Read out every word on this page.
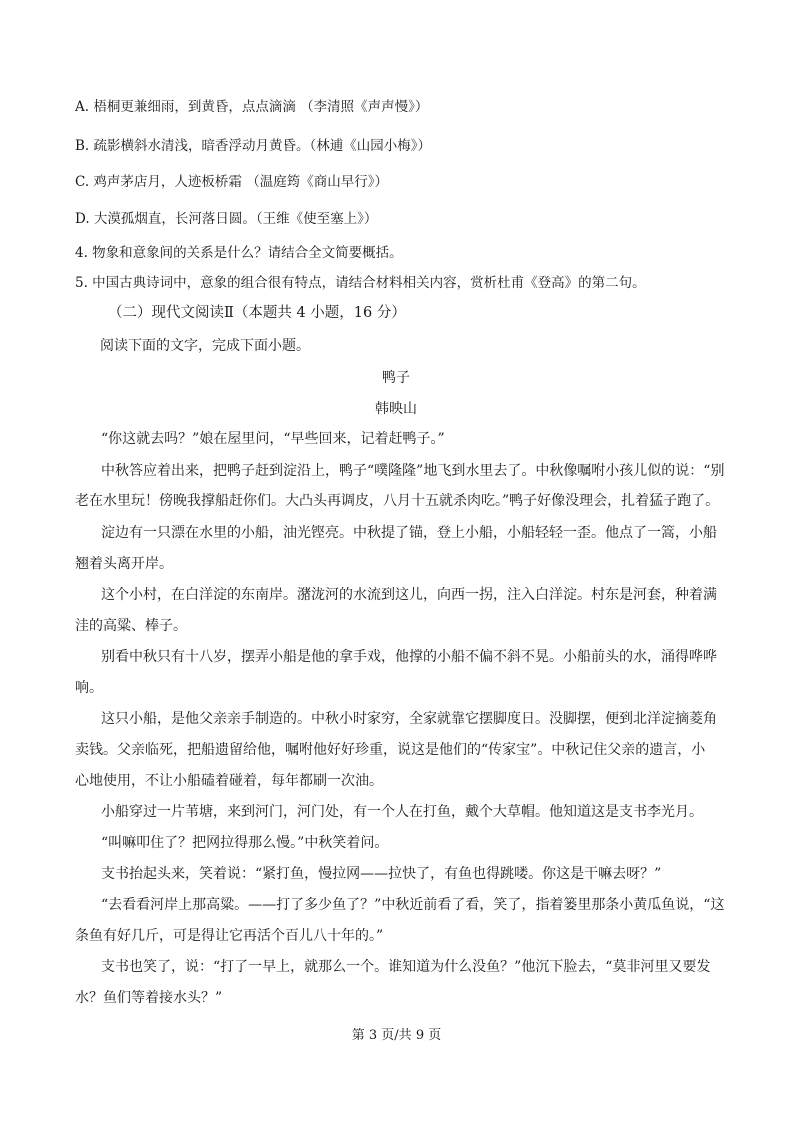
A. 梧桐更兼细雨，到黄昏，点点滴滴 （李清照《声声慢》）
B. 疏影横斜水清浅，暗香浮动月黄昏。（林逋《山园小梅》）
C. 鸡声茅店月，人迹板桥霜 （温庭筠《商山早行》）
D. 大漠孤烟直，长河落日圆。（王维《使至塞上》）
4. 物象和意象间的关系是什么？请结合全文简要概括。
5. 中国古典诗词中，意象的组合很有特点，请结合材料相关内容，赏析杜甫《登高》的第二句。
（二）现代文阅读Ⅱ（本题共 4 小题，16 分）
阅读下面的文字，完成下面小题。
鸭子
韩映山
“你这就去吗？”娘在屋里问，“早些回来，记着赶鸭子。”
中秋答应着出来，把鸭子赶到淀沿上，鸭子“噗隆隆”地飞到水里去了。中秋像嘱咐小孩儿似的说：“别
老在水里玩！傍晚我撑船赶你们。大凸头再调皮，八月十五就杀肉吃。”鸭子好像没理会，扎着猛子跑了。
淀边有一只漂在水里的小船，油光铿亮。中秋提了锚，登上小船，小船轻轻一歪。他点了一篙，小船
翘着头离开岸。
这个小村，在白洋淀的东南岸。潴泷河的水流到这儿，向西一拐，注入白洋淀。村东是河套，种着满
洼的高粱、棒子。
别看中秋只有十八岁，摆弄小船是他的拿手戏，他撑的小船不偏不斜不晃。小船前头的水，涌得哗哗
响。
这只小船，是他父亲亲手制造的。中秋小时家穷，全家就靠它摆脚度日。没脚摆，便到北洋淀摘菱角
卖钱。父亲临死，把船遗留给他，嘱咐他好好珍重，说这是他们的“传家宝”。中秋记住父亲的遗言，小
心地使用，不让小船磕着碰着，每年都刷一次油。
小船穿过一片苇塘，来到河门，河门处，有一个人在打鱼，戴个大草帽。他知道这是支书李光月。
“叫嘛叩住了？把网拉得那么慢。”中秋笑着问。
支书抬起头来，笑着说：“紧打鱼，慢拉网——拉快了，有鱼也得跳喽。你这是干嘛去呀？”
“去看看河岸上那高粱。——打了多少鱼了？”中秋近前看了看，笑了，指着篓里那条小黄瓜鱼说，“这
条鱼有好几斤，可是得让它再活个百儿八十年的。”
支书也笑了，说：“打了一早上，就那么一个。谁知道为什么没鱼？”他沉下脸去，“莫非河里又要发
水？鱼们等着接水头？”
第 3 页/共 9 页
